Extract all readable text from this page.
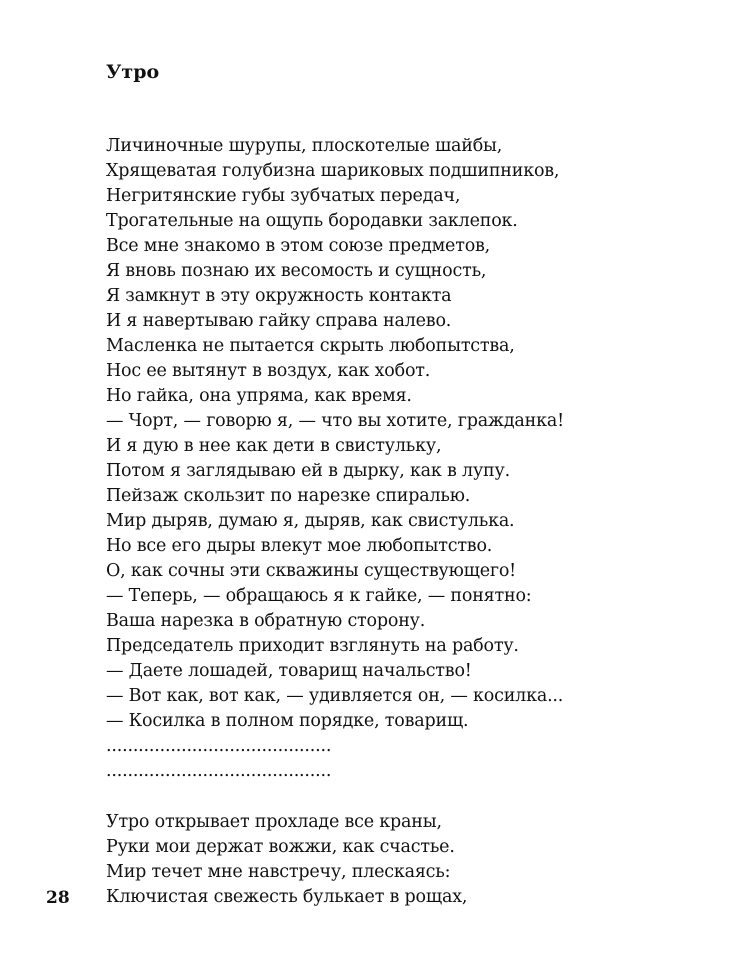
Утро
Личиночные шурупы, плоскотелые шайбы,
Хрящеватая голубизна шариковых подшипников,
Негритянские губы зубчатых передач,
Трогательные на ощупь бородавки заклепок.
Все мне знакомо в этом союзе предметов,
Я вновь познаю их весомость и сущность,
Я замкнут в эту окружность контакта
И я навертываю гайку справа налево.
Масленка не пытается скрыть любопытства,
Нос ее вытянут в воздух, как хобот.
Но гайка, она упряма, как время.
— Чорт, — говорю я, — что вы хотите, гражданка!
И я дую в нее как дети в свистульку,
Потом я заглядываю ей в дырку, как в лупу.
Пейзаж скользит по нарезке спиралью.
Мир дыряв, думаю я, дыряв, как свистулька.
Но все его дыры влекут мое любопытство.
О, как сочны эти скважины существующего!
— Теперь, — обращаюсь я к гайке, — понятно:
Ваша нарезка в обратную сторону.
Председатель приходит взглянуть на работу.
— Даете лошадей, товарищ начальство!
— Вот как, вот как, — удивляется он, — косилка...
— Косилка в полном порядке, товарищ.
..........................................
..........................................
Утро открывает прохладе все краны,
Руки мои держат вожжи, как счастье.
Мир течет мне навстречу, плескаясь:
Ключистая свежесть булькает в рощах,
28
